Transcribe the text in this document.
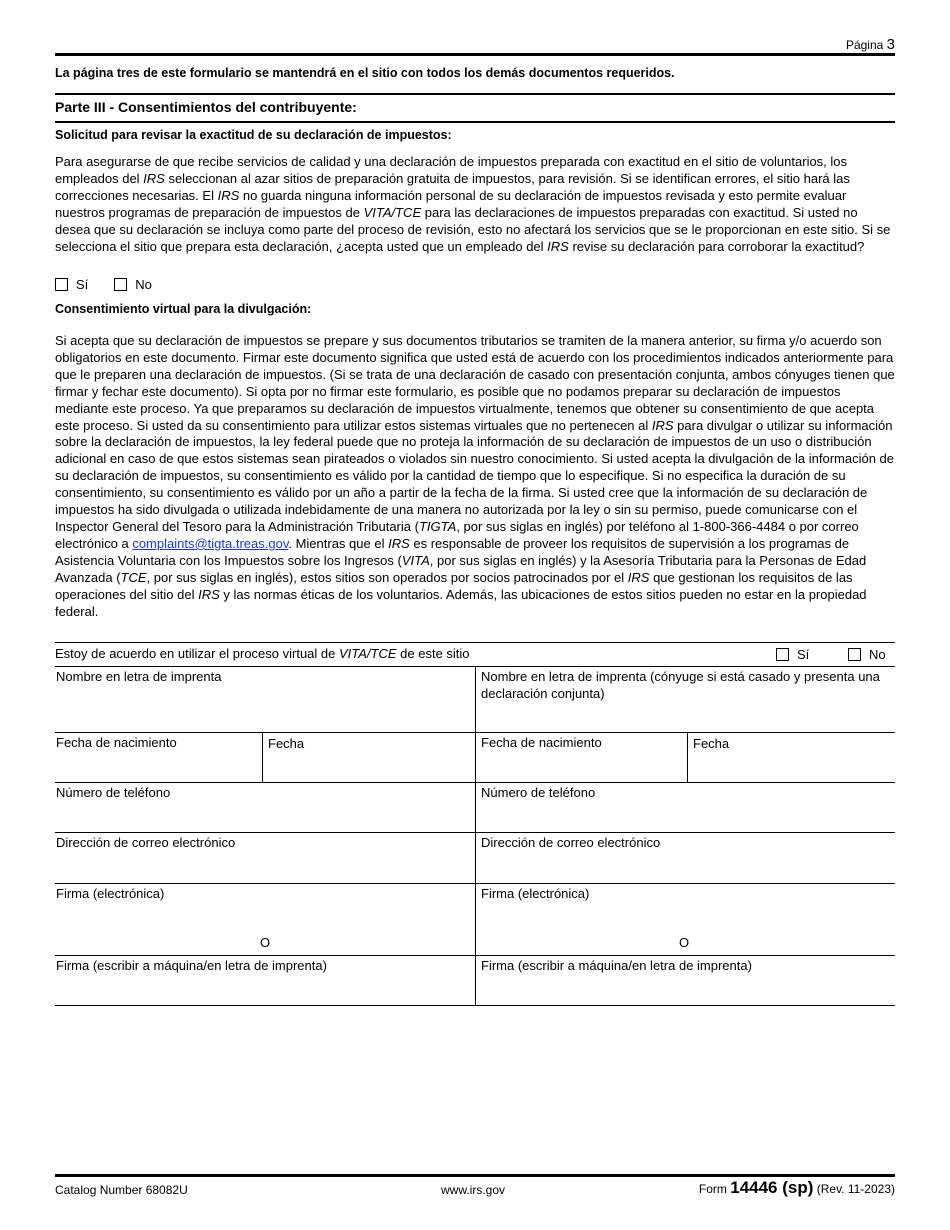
Página 3
La página tres de este formulario se mantendrá en el sitio con todos los demás documentos requeridos.
Parte III - Consentimientos del contribuyente:
Solicitud para revisar la exactitud de su declaración de impuestos:
Para asegurarse de que recibe servicios de calidad y una declaración de impuestos preparada con exactitud en el sitio de voluntarios, los empleados del IRS seleccionan al azar sitios de preparación gratuita de impuestos, para revisión. Si se identifican errores, el sitio hará las correcciones necesarias. El IRS no guarda ninguna información personal de su declaración de impuestos revisada y esto permite evaluar nuestros programas de preparación de impuestos de VITA/TCE para las declaraciones de impuestos preparadas con exactitud. Si usted no desea que su declaración se incluya como parte del proceso de revisión, esto no afectará los servicios que se le proporcionan en este sitio. Si se selecciona el sitio que prepara esta declaración, ¿acepta usted que un empleado del IRS revise su declaración para corroborar la exactitud?
Sí	No
Consentimiento virtual para la divulgación:
Si acepta que su declaración de impuestos se prepare y sus documentos tributarios se tramiten de la manera anterior, su firma y/o acuerdo son obligatorios en este documento. Firmar este documento significa que usted está de acuerdo con los procedimientos indicados anteriormente para que le preparen una declaración de impuestos. (Si se trata de una declaración de casado con presentación conjunta, ambos cónyuges tienen que firmar y fechar este documento). Si opta por no firmar este formulario, es posible que no podamos preparar su declaración de impuestos mediante este proceso. Ya que preparamos su declaración de impuestos virtualmente, tenemos que obtener su consentimiento de que acepta este proceso. Si usted da su consentimiento para utilizar estos sistemas virtuales que no pertenecen al IRS para divulgar o utilizar su información sobre la declaración de impuestos, la ley federal puede que no proteja la información de su declaración de impuestos de un uso o distribución adicional en caso de que estos sistemas sean pirateados o violados sin nuestro conocimiento. Si usted acepta la divulgación de la información de su declaración de impuestos, su consentimiento es válido por la cantidad de tiempo que lo especifique. Si no especifica la duración de su consentimiento, su consentimiento es válido por un año a partir de la fecha de la firma. Si usted cree que la información de su declaración de impuestos ha sido divulgada o utilizada indebidamente de una manera no autorizada por la ley o sin su permiso, puede comunicarse con el Inspector General del Tesoro para la Administración Tributaria (TIGTA, por sus siglas en inglés) por teléfono al 1-800-366-4484 o por correo electrónico a complaints@tigta.treas.gov. Mientras que el IRS es responsable de proveer los requisitos de supervisión a los programas de Asistencia Voluntaria con los Impuestos sobre los Ingresos (VITA, por sus siglas en inglés) y la Asesoría Tributaria para la Personas de Edad Avanzada (TCE, por sus siglas en inglés), estos sitios son operados por socios patrocinados por el IRS que gestionan los requisitos de las operaciones del sitio del IRS y las normas éticas de los voluntarios. Además, las ubicaciones de estos sitios pueden no estar en la propiedad federal.
Estoy de acuerdo en utilizar el proceso virtual de VITA/TCE de este sitio	Sí	No
Nombre en letra de imprenta	Nombre en letra de imprenta (cónyuge si está casado y presenta una declaración conjunta)
Fecha de nacimiento	Fecha	Fecha de nacimiento	Fecha
Número de teléfono	Número de teléfono
Dirección de correo electrónico	Dirección de correo electrónico
Firma (electrónica)	Firma (electrónica)
O	O
Firma (escribir a máquina/en letra de imprenta)	Firma (escribir a máquina/en letra de imprenta)
Catalog Number 68082U	www.irs.gov	Form 14446 (sp) (Rev. 11-2023)
